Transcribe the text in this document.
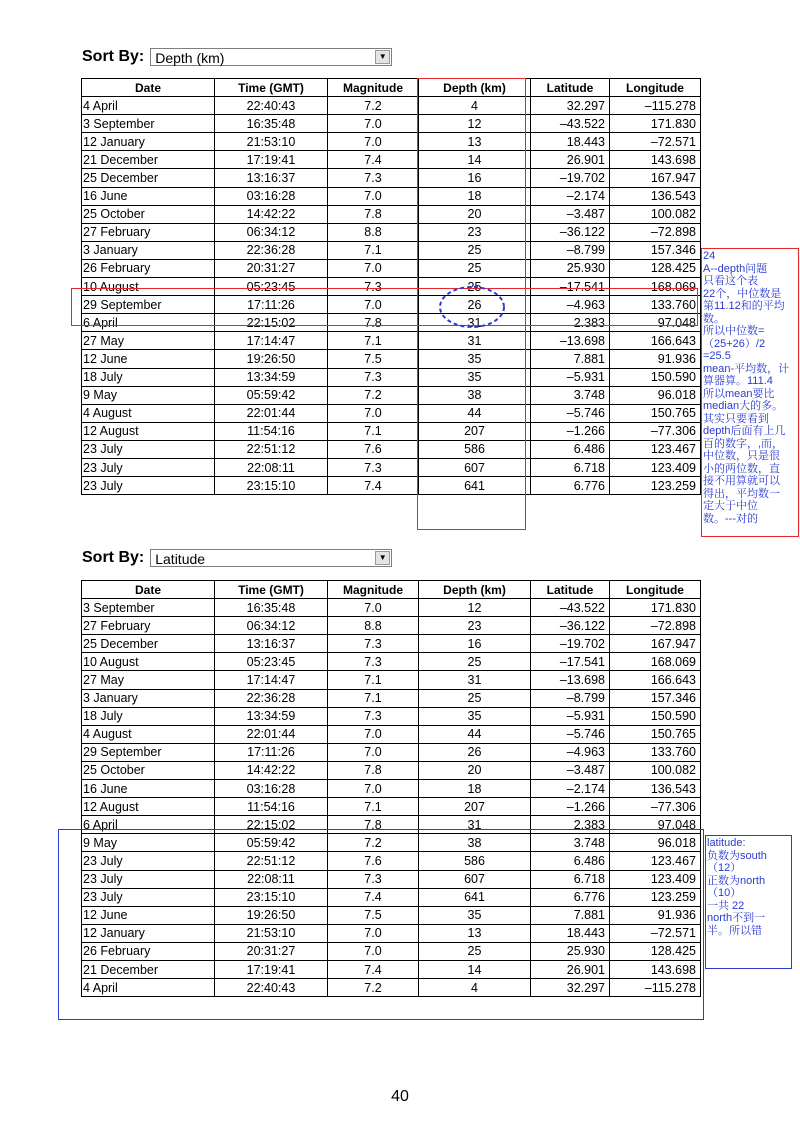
Sort By: Depth (km)	▼
Date	Time (GMT)	Magnitude	Depth (km)	Latitude	Longitude
4 April	22:40:43	7.2	4	32.297	–115.278
3 September	16:35:48	7.0	12	–43.522	171.830
12 January	21:53:10	7.0	13	18.443	–72.571
21 December	17:19:41	7.4	14	26.901	143.698
25 December	13:16:37	7.3	16	–19.702	167.947
16 June	03:16:28	7.0	18	–2.174	136.543
25 October	14:42:22	7.8	20	–3.487	100.082
27 February	06:34:12	8.8	23	–36.122	–72.898
3 January	22:36:28	7.1	25	–8.799	157.346
26 February	20:31:27	7.0	25	25.930	128.425
10 August	05:23:45	7.3	25	–17.541	168.069
29 September	17:11:26	7.0	26	–4.963	133.760
6 April	22:15:02	7.8	31	2.383	97.048
27 May	17:14:47	7.1	31	–13.698	166.643
12 June	19:26:50	7.5	35	7.881	91.936
18 July	13:34:59	7.3	35	–5.931	150.590
9 May	05:59:42	7.2	38	3.748	96.018
4 August	22:01:44	7.0	44	–5.746	150.765
12 August	11:54:16	7.1	207	–1.266	–77.306
23 July	22:51:12	7.6	586	6.486	123.467
23 July	22:08:11	7.3	607	6.718	123.409
23 July	23:15:10	7.4	641	6.776	123.259
Sort By: Latitude	▼
Date	Time (GMT)	Magnitude	Depth (km)	Latitude	Longitude
3 September	16:35:48	7.0	12	–43.522	171.830
27 February	06:34:12	8.8	23	–36.122	–72.898
25 December	13:16:37	7.3	16	–19.702	167.947
10 August	05:23:45	7.3	25	–17.541	168.069
27 May	17:14:47	7.1	31	–13.698	166.643
3 January	22:36:28	7.1	25	–8.799	157.346
18 July	13:34:59	7.3	35	–5.931	150.590
4 August	22:01:44	7.0	44	–5.746	150.765
29 September	17:11:26	7.0	26	–4.963	133.760
25 October	14:42:22	7.8	20	–3.487	100.082
16 June	03:16:28	7.0	18	–2.174	136.543
12 August	11:54:16	7.1	207	–1.266	–77.306
6 April	22:15:02	7.8	31	2.383	97.048
9 May	05:59:42	7.2	38	3.748	96.018
23 July	22:51:12	7.6	586	6.486	123.467
23 July	22:08:11	7.3	607	6.718	123.409
23 July	23:15:10	7.4	641	6.776	123.259
12 June	19:26:50	7.5	35	7.881	91.936
12 January	21:53:10	7.0	13	18.443	–72.571
26 February	20:31:27	7.0	25	25.930	128.425
21 December	17:19:41	7.4	14	26.901	143.698
4 April	22:40:43	7.2	4	32.297	–115.278
24
A--depth问题
只看这个表
22个，中位数是
第11.12和的平均
数。
所以中位数=
（25+26）/2
=25.5
mean-平均数，计
算器算。111.4
所以mean要比
median大的多。
其实只要看到
depth后面有上几
百的数字，,而，
中位数，只是很
小的两位数，直
接不用算就可以
得出，平均数一
定大于中位
数。---对的
latitude:
负数为south
（12）
正数为north
（10）
一共 22
north不到一
半。所以错
40
